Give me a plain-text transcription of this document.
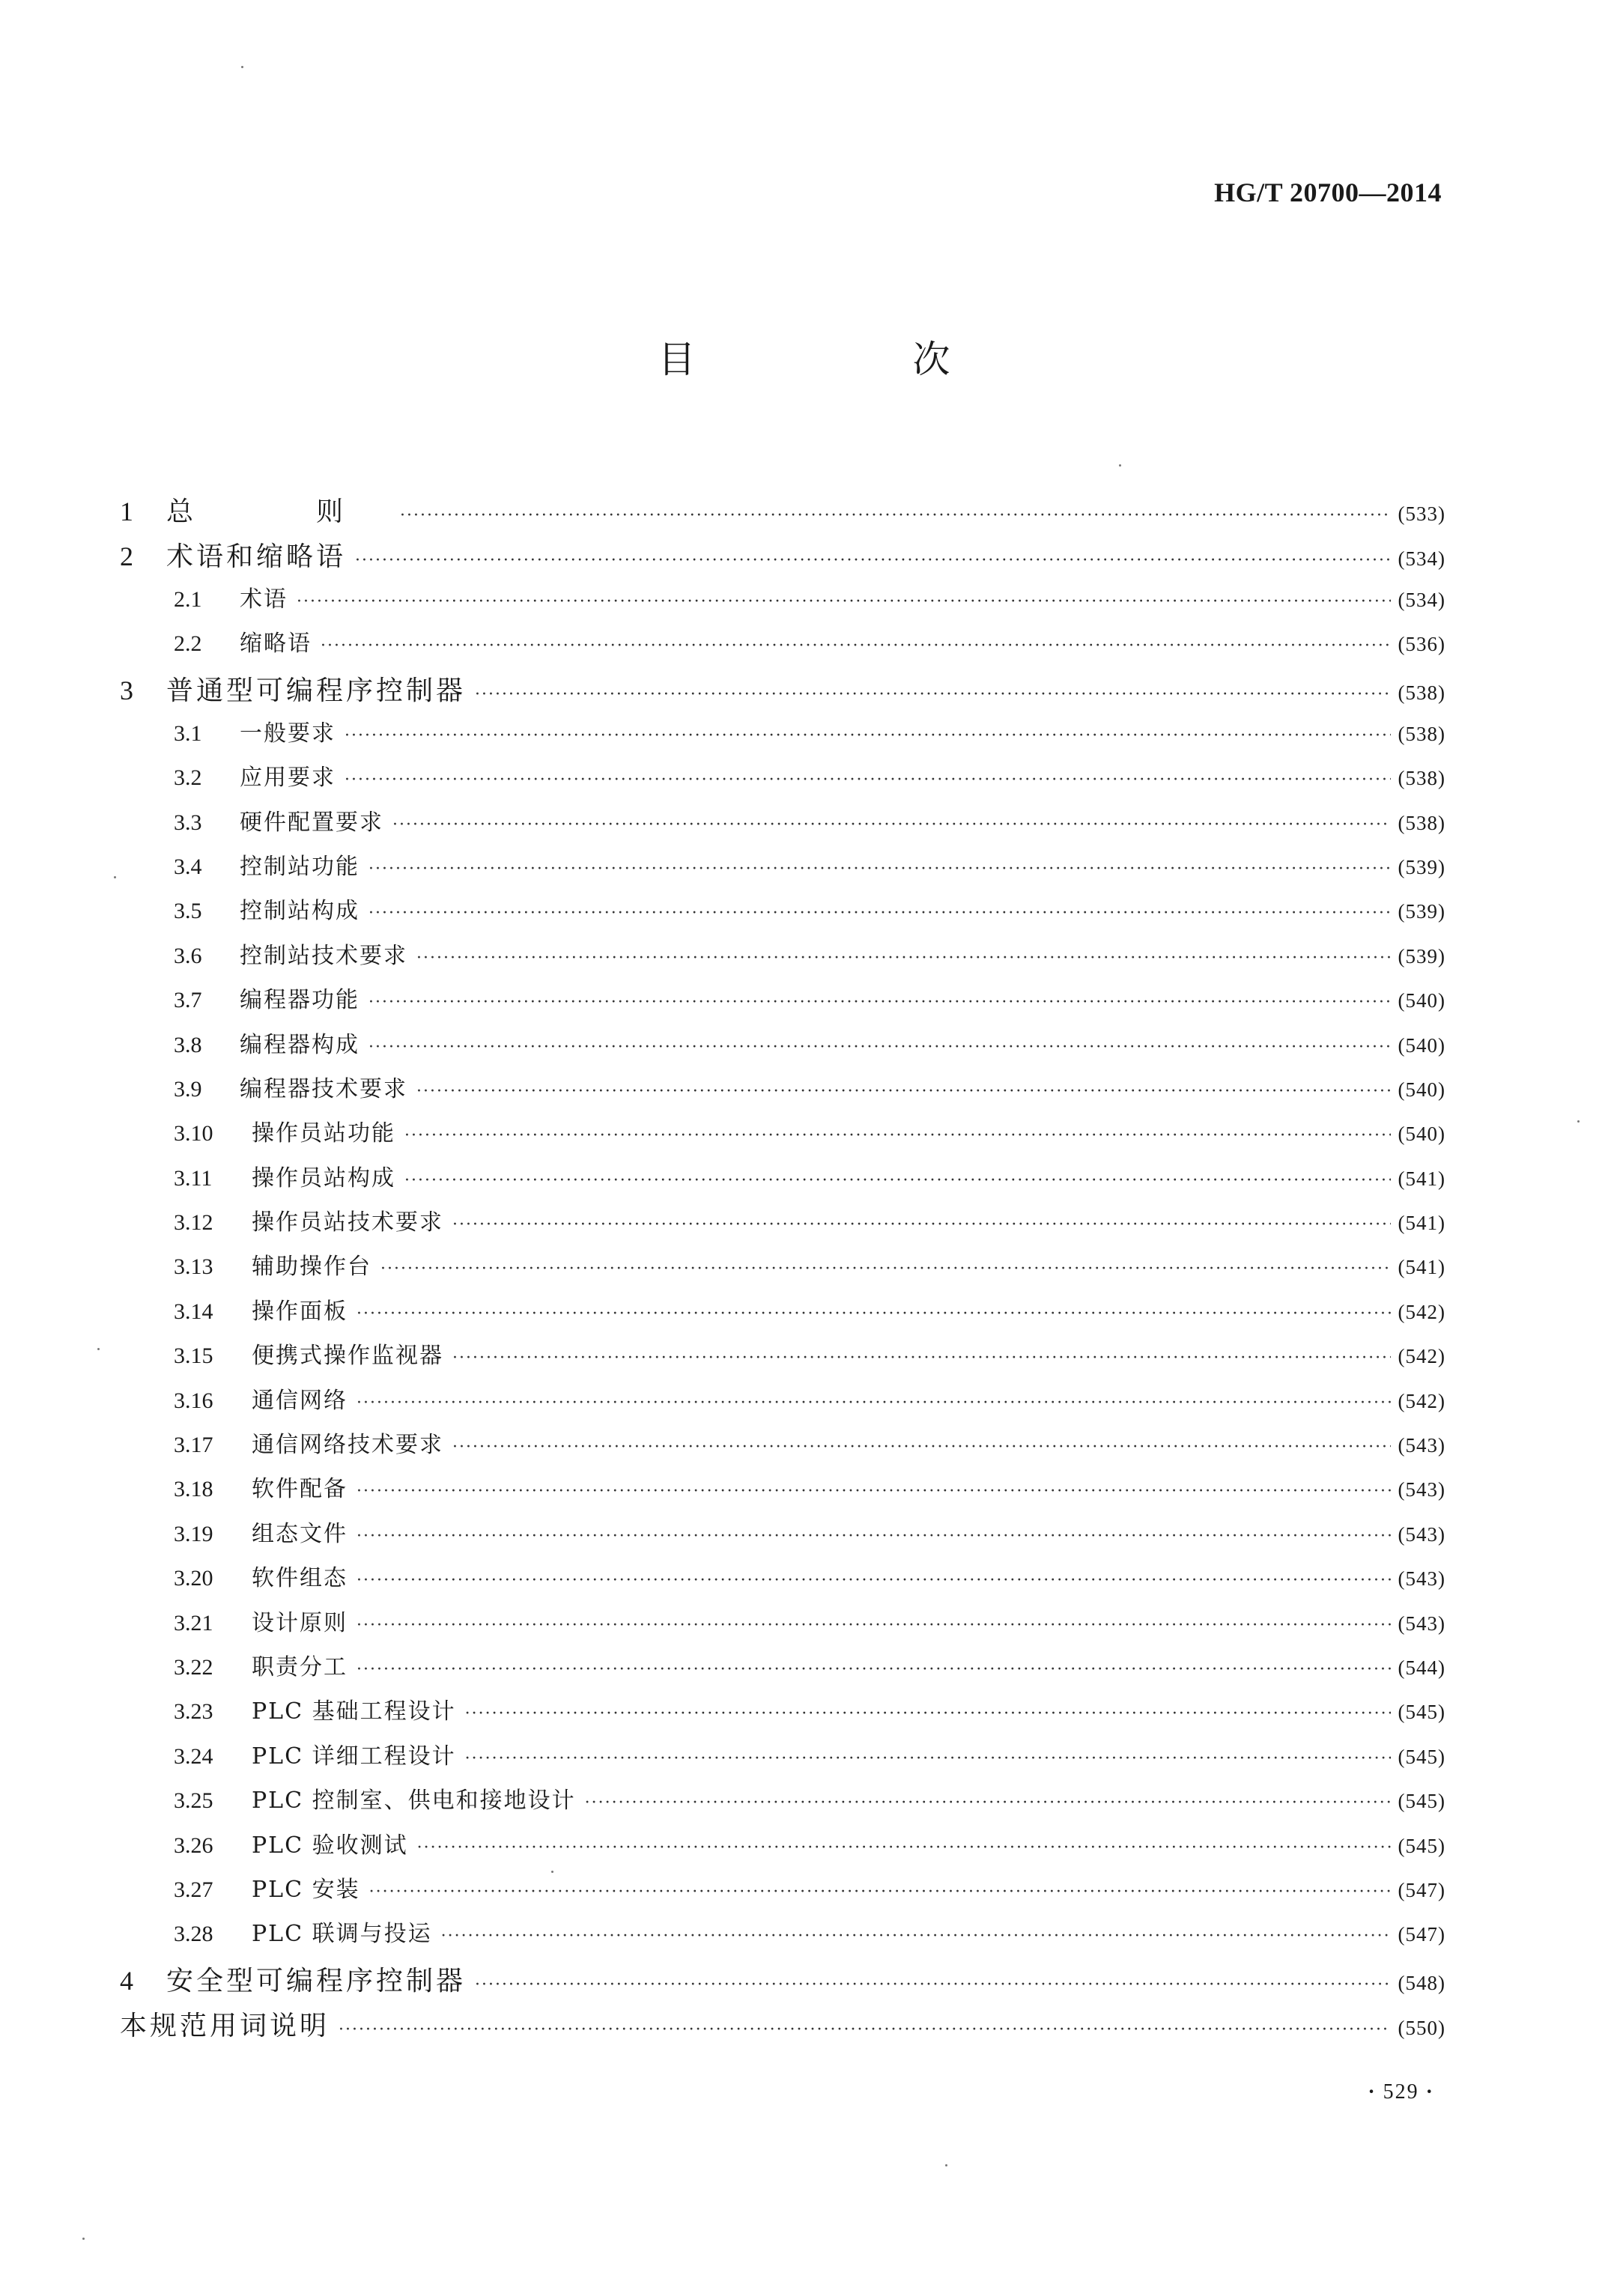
HG/T 20700—2014
目　次
1	总　则 ·····	(533)
2	术语和缩略语 ·····	(534)
2.1	术语 ·····	(534)
2.2	缩略语 ·····	(536)
3	普通型可编程序控制器 ·····	(538)
3.1	一般要求 ·····	(538)
3.2	应用要求 ·····	(538)
3.3	硬件配置要求 ·····	(538)
3.4	控制站功能 ·····	(539)
3.5	控制站构成 ·····	(539)
3.6	控制站技术要求 ·····	(539)
3.7	编程器功能 ·····	(540)
3.8	编程器构成 ·····	(540)
3.9	编程器技术要求 ·····	(540)
3.10	操作员站功能 ·····	(540)
3.11	操作员站构成 ·····	(541)
3.12	操作员站技术要求 ·····	(541)
3.13	辅助操作台 ·····	(541)
3.14	操作面板 ·····	(542)
3.15	便携式操作监视器 ·····	(542)
3.16	通信网络 ·····	(542)
3.17	通信网络技术要求 ·····	(543)
3.18	软件配备 ·····	(543)
3.19	组态文件 ·····	(543)
3.20	软件组态 ·····	(543)
3.21	设计原则 ·····	(543)
3.22	职责分工 ·····	(544)
3.23	PLC 基础工程设计 ·····	(545)
3.24	PLC 详细工程设计 ·····	(545)
3.25	PLC 控制室、供电和接地设计 ·····	(545)
3.26	PLC 验收测试 ·····	(545)
3.27	PLC 安装 ·····	(547)
3.28	PLC 联调与投运 ·····	(547)
4	安全型可编程序控制器 ·····	(548)
本规范用词说明 ·····	(550)
· 529 ·
